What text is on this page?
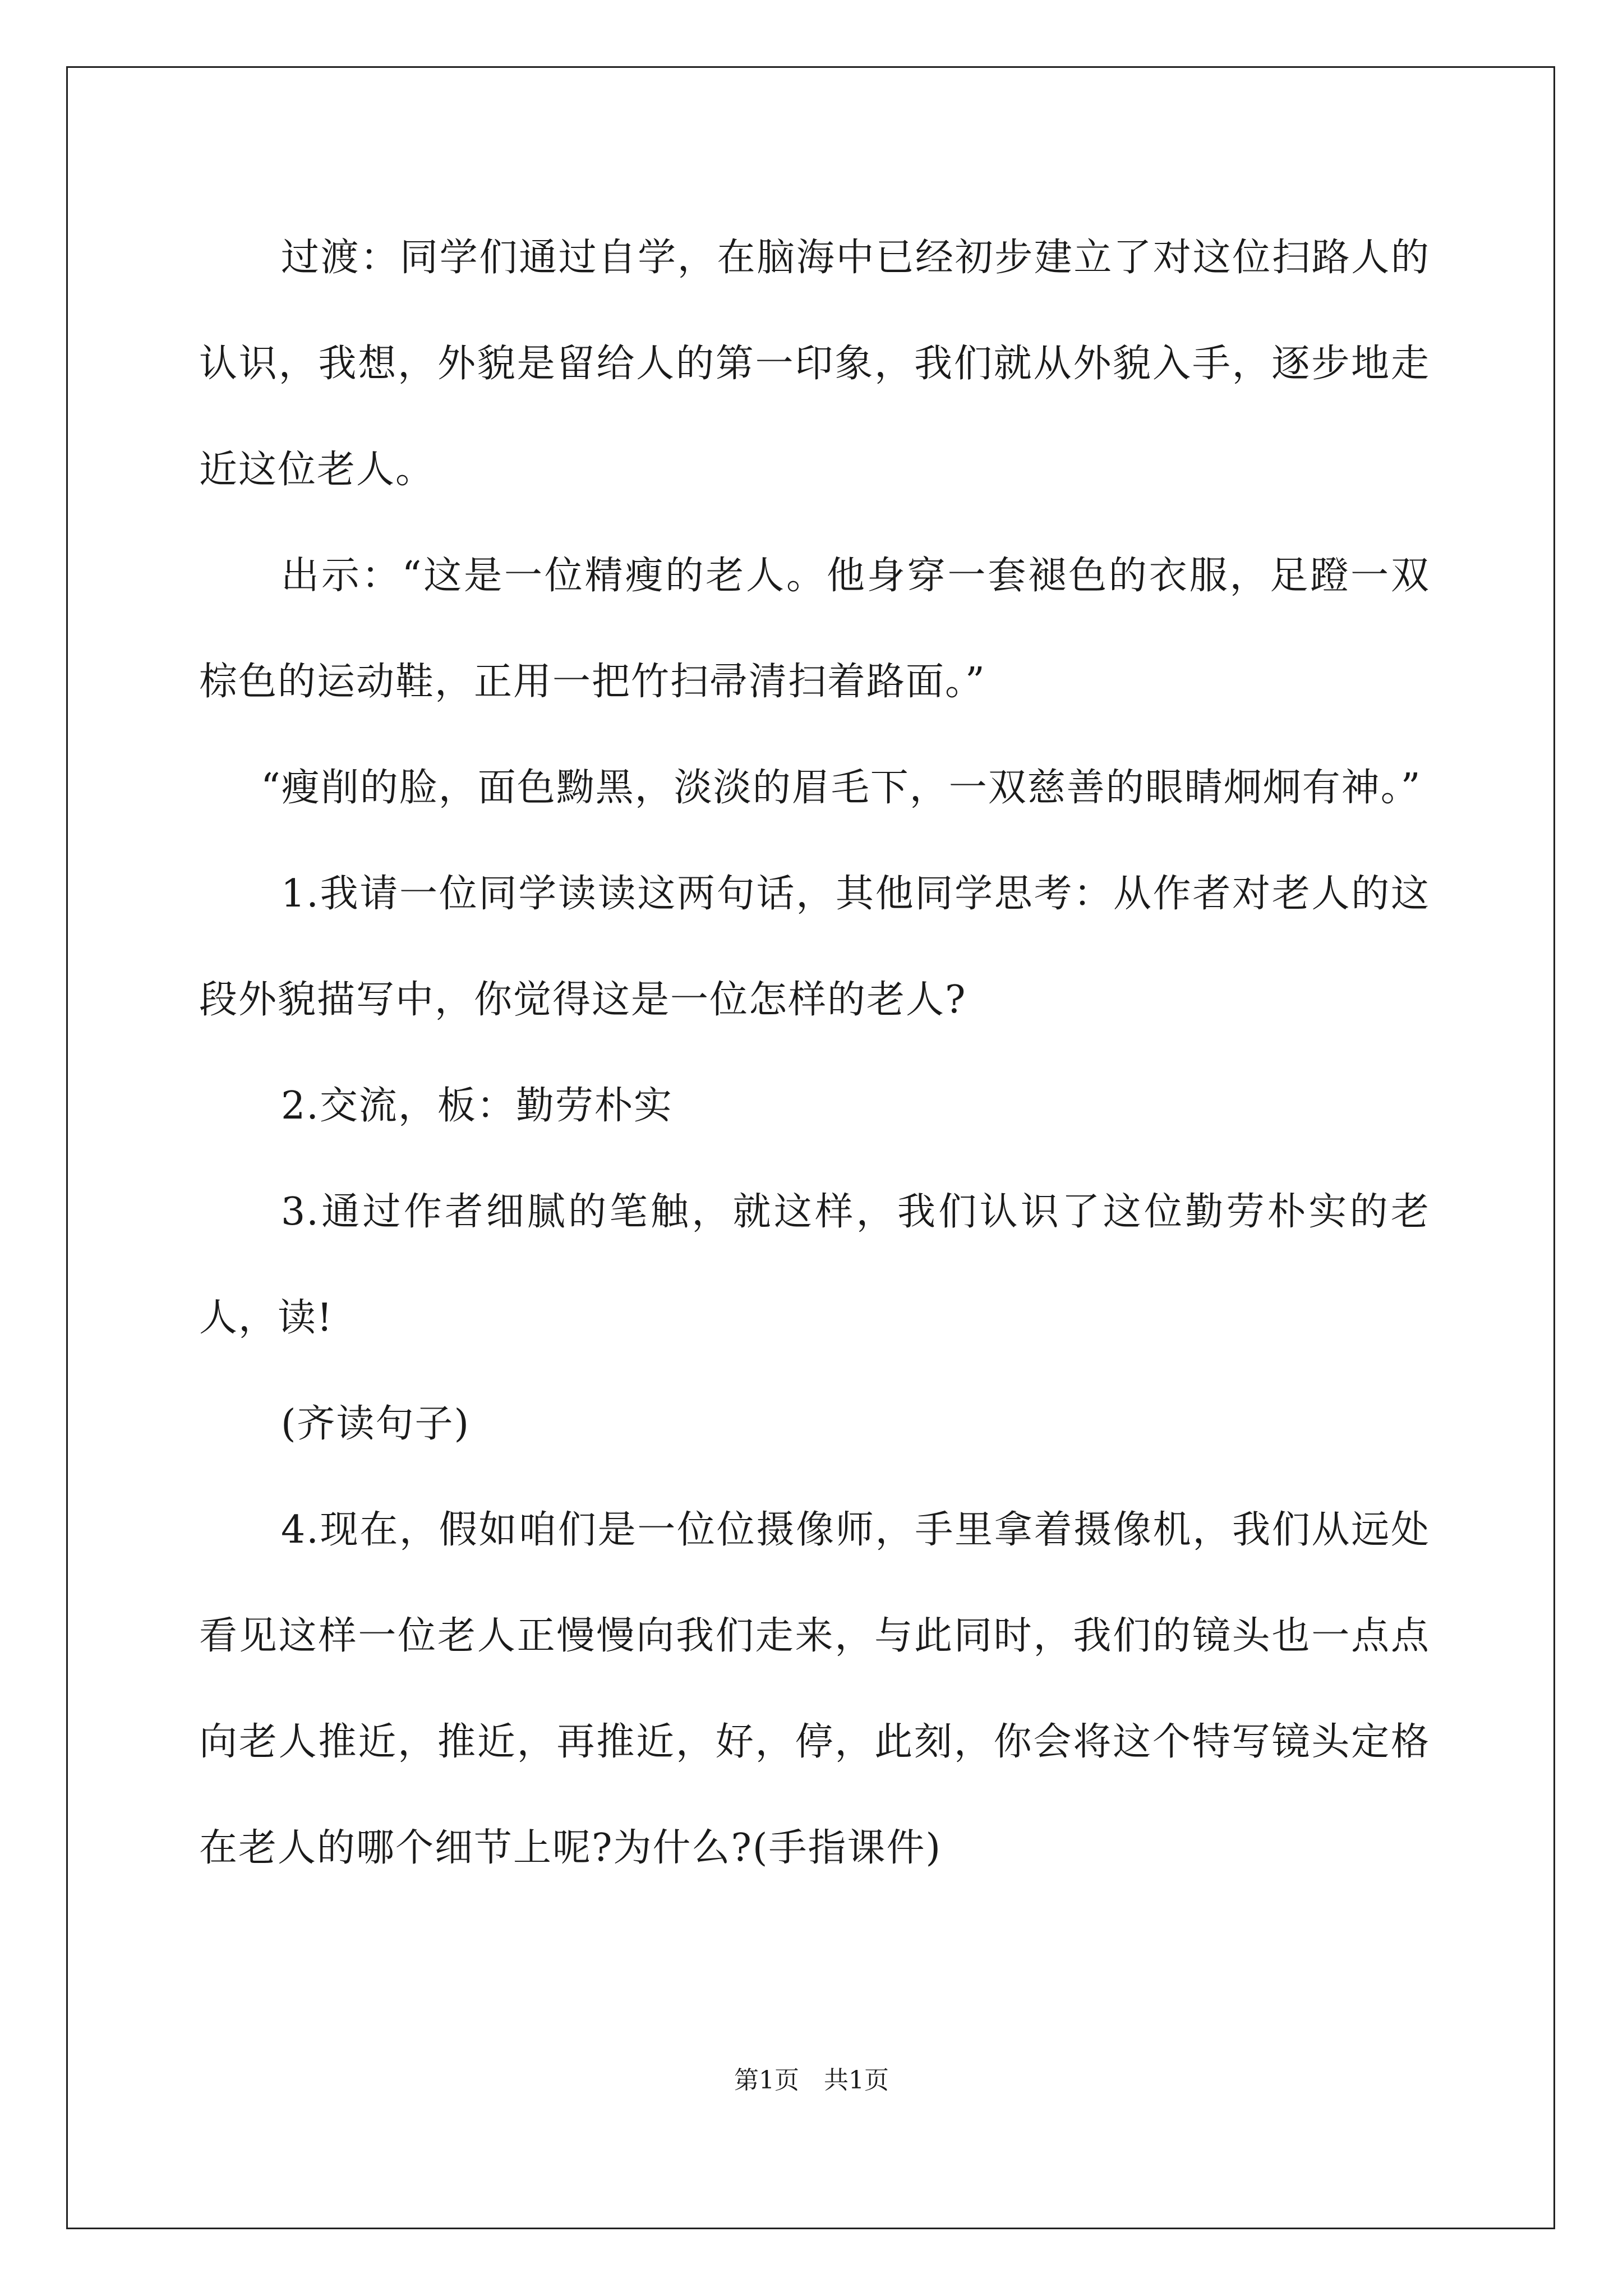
过渡：同学们通过自学，在脑海中已经初步建立了对这位扫路人的认识，我想，外貌是留给人的第一印象，我们就从外貌入手，逐步地走近这位老人。

出示：“这是一位精瘦的老人。他身穿一套褪色的衣服，足蹬一双棕色的运动鞋，正用一把竹扫帚清扫着路面。”

“瘦削的脸，面色黝黑，淡淡的眉毛下，一双慈善的眼睛炯炯有神。”

1.我请一位同学读读这两句话，其他同学思考：从作者对老人的这段外貌描写中，你觉得这是一位怎样的老人?

2.交流，板：勤劳朴实

3.通过作者细腻的笔触，就这样，我们认识了这位勤劳朴实的老人，读!

(齐读句子)

4.现在，假如咱们是一位位摄像师，手里拿着摄像机，我们从远处看见这样一位老人正慢慢向我们走来，与此同时，我们的镜头也一点点向老人推近，推近，再推近，好，停，此刻，你会将这个特写镜头定格在老人的哪个细节上呢?为什么?(手指课件)

第1页　共1页
